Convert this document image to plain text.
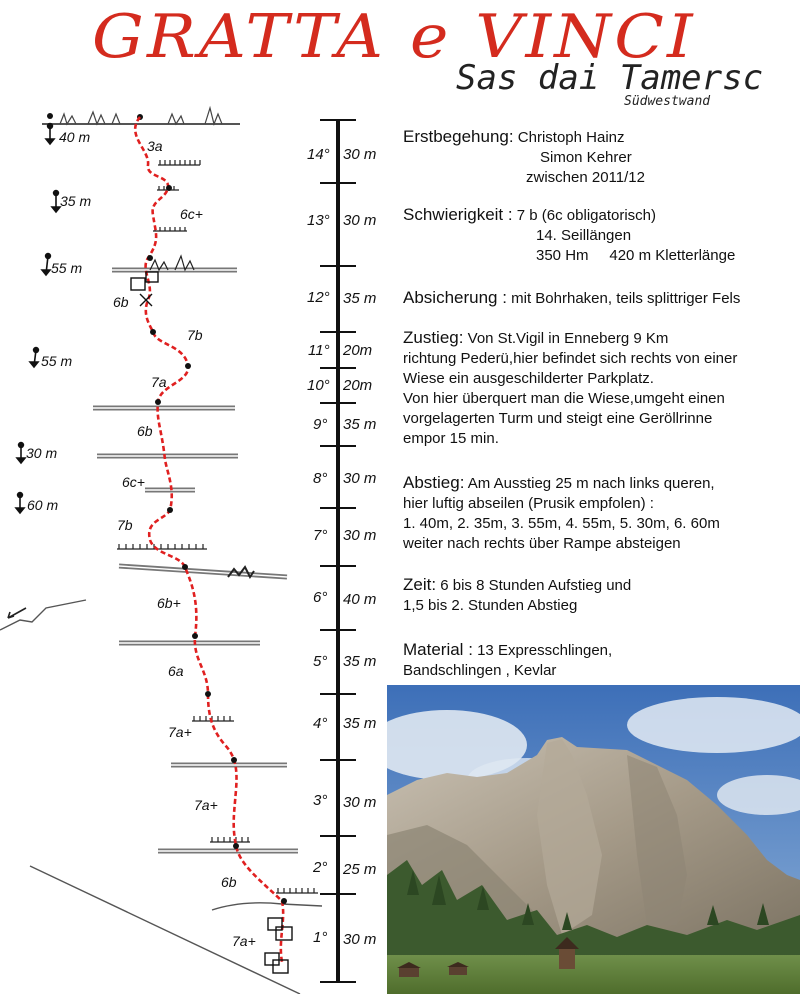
GRATTA e VINCI
Sas dai Tamersc
Südwestwand
14° 30 m
13° 30 m
12° 35 m
11° 20m
10° 20m
9° 35 m
8° 30 m
7° 30 m
6° 40 m
5° 35 m
4° 35 m
3° 30 m
2° 25 m
1° 30 m
3a
6c+
6b
7b
7a
6b
6c+
7b
6b+
6a
7a+
7a+
6b
7a+
40 m
35 m
55 m
55 m
30 m
60 m
Erstbegehung: Christoph Hainz
Simon Kehrer
zwischen 2011/12
Schwierigkeit : 7 b (6c obligatorisch)
14. Seillängen
350 Hm 420 m Kletterlänge
Absicherung : mit Bohrhaken, teils splittriger Fels
Zustieg: Von St.Vigil in Enneberg 9 Km
richtung Pederü,hier befindet sich rechts von einer
Wiese ein ausgeschilderter Parkplatz.
Von hier überquert man die Wiese,umgeht einen
vorgelagerten Turm und steigt eine Geröllrinne
empor 15 min.
Abstieg: Am Ausstieg 25 m nach links queren,
hier luftig abseilen (Prusik empfolen) :
1. 40m, 2. 35m, 3. 55m, 4. 55m, 5. 30m, 6. 60m
weiter nach rechts über Rampe absteigen
Zeit: 6 bis 8 Stunden Aufstieg und
1,5 bis 2. Stunden Abstieg
Material : 13 Expresschlingen,
Bandschlingen , Kevlar
